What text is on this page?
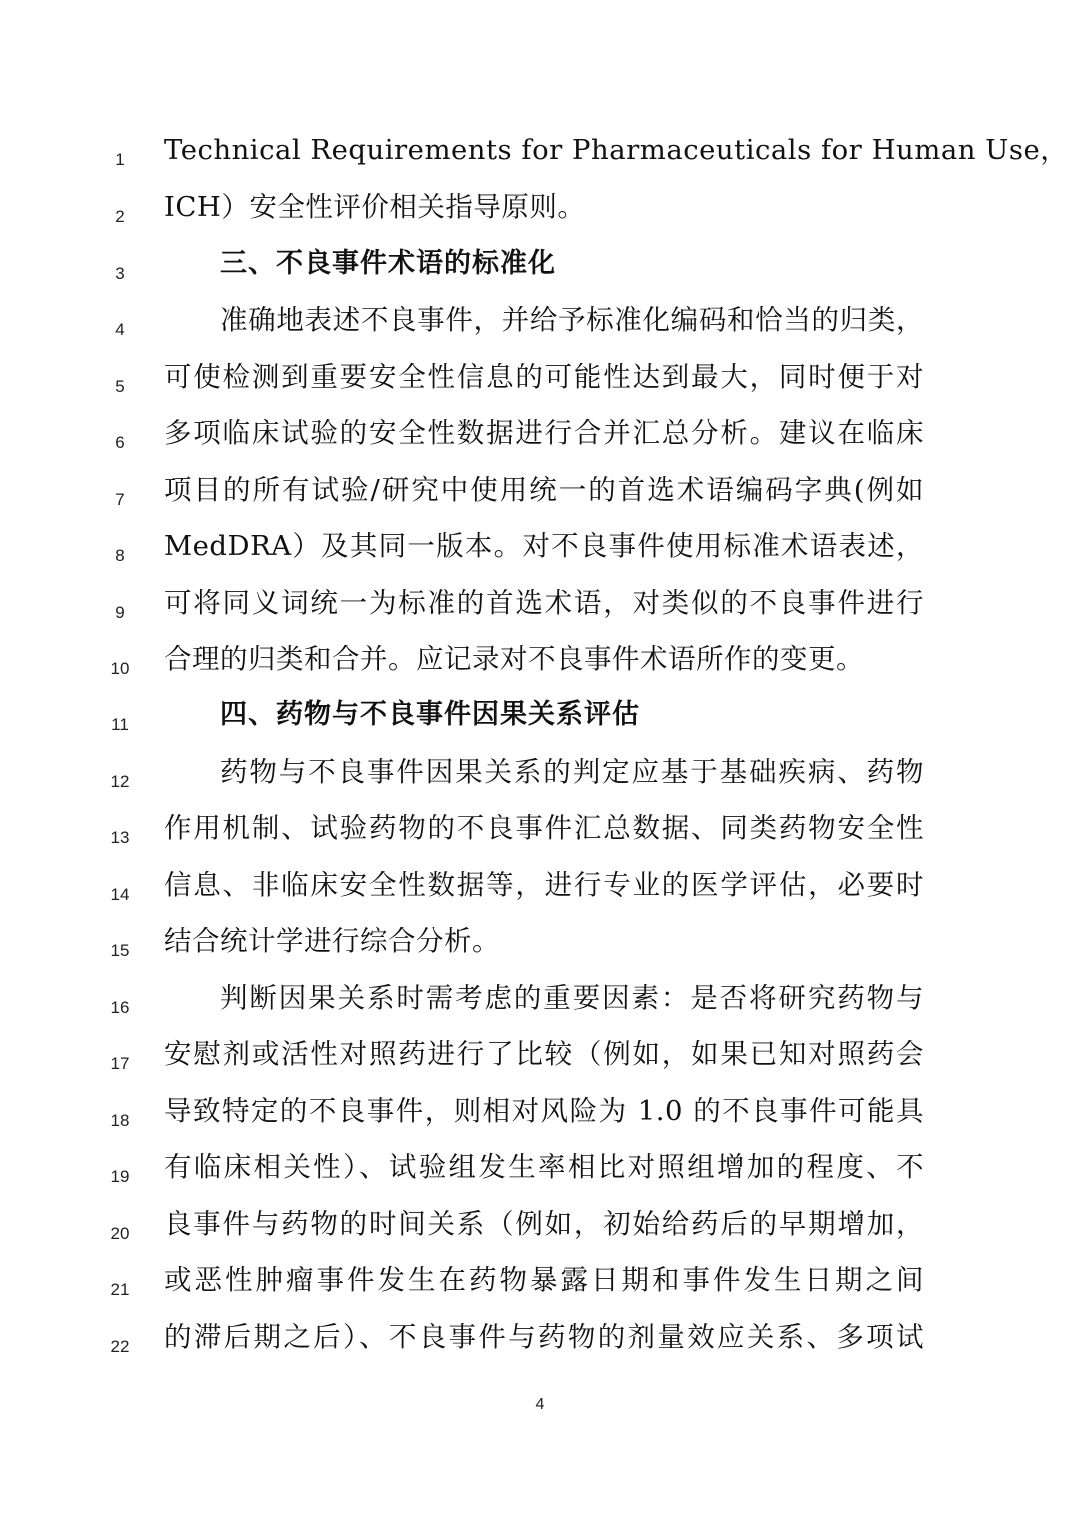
1	Technical Requirements for Pharmaceuticals for Human Use，
2	ICH）安全性评价相关指导原则。
3	三、不良事件术语的标准化
4	准确地表述不良事件，并给予标准化编码和恰当的归类，
5	可使检测到重要安全性信息的可能性达到最大，同时便于对
6	多项临床试验的安全性数据进行合并汇总分析。建议在临床
7	项目的所有试验/研究中使用统一的首选术语编码字典(例如
8	MedDRA）及其同一版本。对不良事件使用标准术语表述，
9	可将同义词统一为标准的首选术语，对类似的不良事件进行
10	合理的归类和合并。应记录对不良事件术语所作的变更。
11	四、药物与不良事件因果关系评估
12	药物与不良事件因果关系的判定应基于基础疾病、药物
13	作用机制、试验药物的不良事件汇总数据、同类药物安全性
14	信息、非临床安全性数据等，进行专业的医学评估，必要时
15	结合统计学进行综合分析。
16	判断因果关系时需考虑的重要因素：是否将研究药物与
17	安慰剂或活性对照药进行了比较（例如，如果已知对照药会
18	导致特定的不良事件，则相对风险为 1.0 的不良事件可能具
19	有临床相关性）、试验组发生率相比对照组增加的程度、不
20	良事件与药物的时间关系（例如，初始给药后的早期增加，
21	或恶性肿瘤事件发生在药物暴露日期和事件发生日期之间
22	的滞后期之后）、不良事件与药物的剂量效应关系、多项试
4
